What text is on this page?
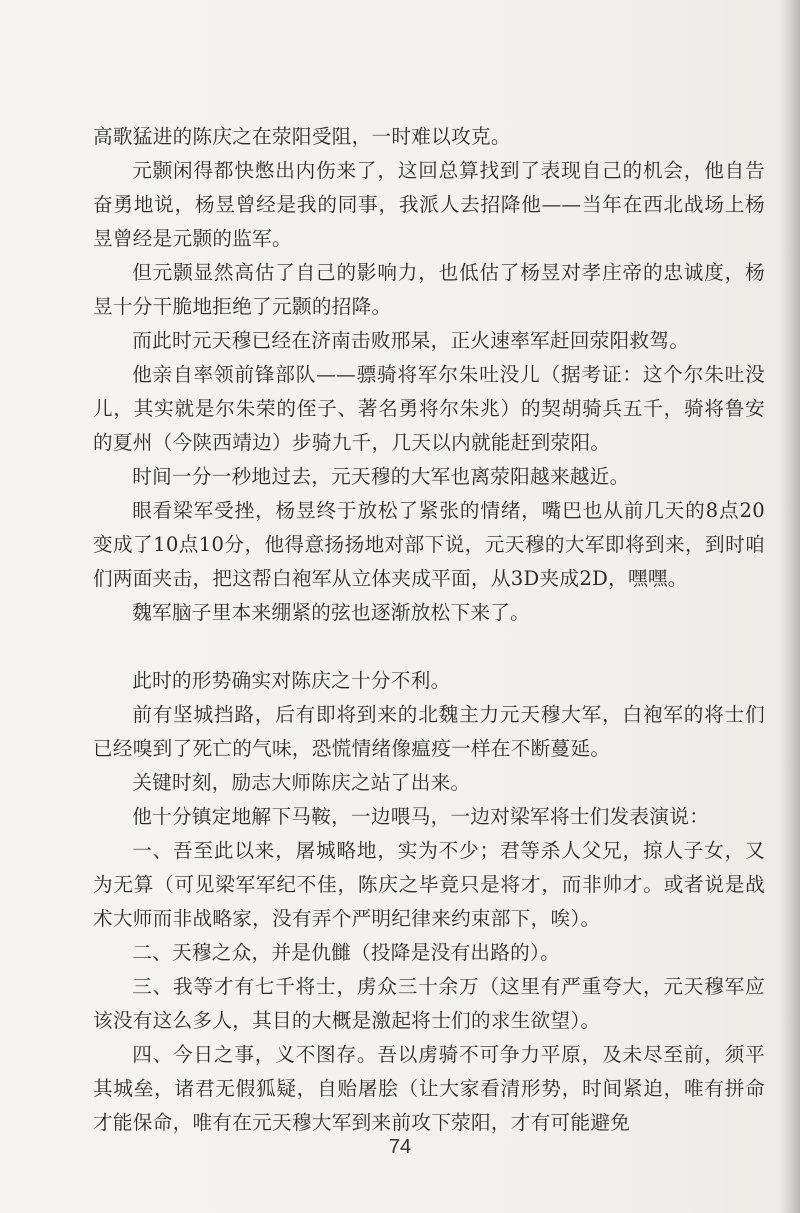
高歌猛进的陈庆之在荥阳受阻，一时难以攻克。

元颢闲得都快憋出内伤来了，这回总算找到了表现自己的机会，他自告奋勇地说，杨昱曾经是我的同事，我派人去招降他——当年在西北战场上杨昱曾经是元颢的监军。

但元颢显然高估了自己的影响力，也低估了杨昱对孝庄帝的忠诚度，杨昱十分干脆地拒绝了元颢的招降。

而此时元天穆已经在济南击败邢杲，正火速率军赶回荥阳救驾。

他亲自率领前锋部队——骠骑将军尔朱吐没儿（据考证：这个尔朱吐没儿，其实就是尔朱荣的侄子、著名勇将尔朱兆）的契胡骑兵五千，骑将鲁安的夏州（今陕西靖边）步骑九千，几天以内就能赶到荥阳。

时间一分一秒地过去，元天穆的大军也离荥阳越来越近。

眼看梁军受挫，杨昱终于放松了紧张的情绪，嘴巴也从前几天的8点20变成了10点10分，他得意扬扬地对部下说，元天穆的大军即将到来，到时咱们两面夹击，把这帮白袍军从立体夹成平面，从3D夹成2D，嘿嘿。

魏军脑子里本来绷紧的弦也逐渐放松下来了。

此时的形势确实对陈庆之十分不利。

前有坚城挡路，后有即将到来的北魏主力元天穆大军，白袍军的将士们已经嗅到了死亡的气味，恐慌情绪像瘟疫一样在不断蔓延。

关键时刻，励志大师陈庆之站了出来。

他十分镇定地解下马鞍，一边喂马，一边对梁军将士们发表演说：

一、吾至此以来，屠城略地，实为不少；君等杀人父兄，掠人子女，又为无算（可见梁军军纪不佳，陈庆之毕竟只是将才，而非帅才。或者说是战术大师而非战略家，没有弄个严明纪律来约束部下，唉）。

二、天穆之众，并是仇雠（投降是没有出路的）。

三、我等才有七千将士，虏众三十余万（这里有严重夸大，元天穆军应该没有这么多人，其目的大概是激起将士们的求生欲望）。

四、今日之事，义不图存。吾以虏骑不可争力平原，及未尽至前，须平其城垒，诸君无假狐疑，自贻屠脍（让大家看清形势，时间紧迫，唯有拼命才能保命，唯有在元天穆大军到来前攻下荥阳，才有可能避免

74
